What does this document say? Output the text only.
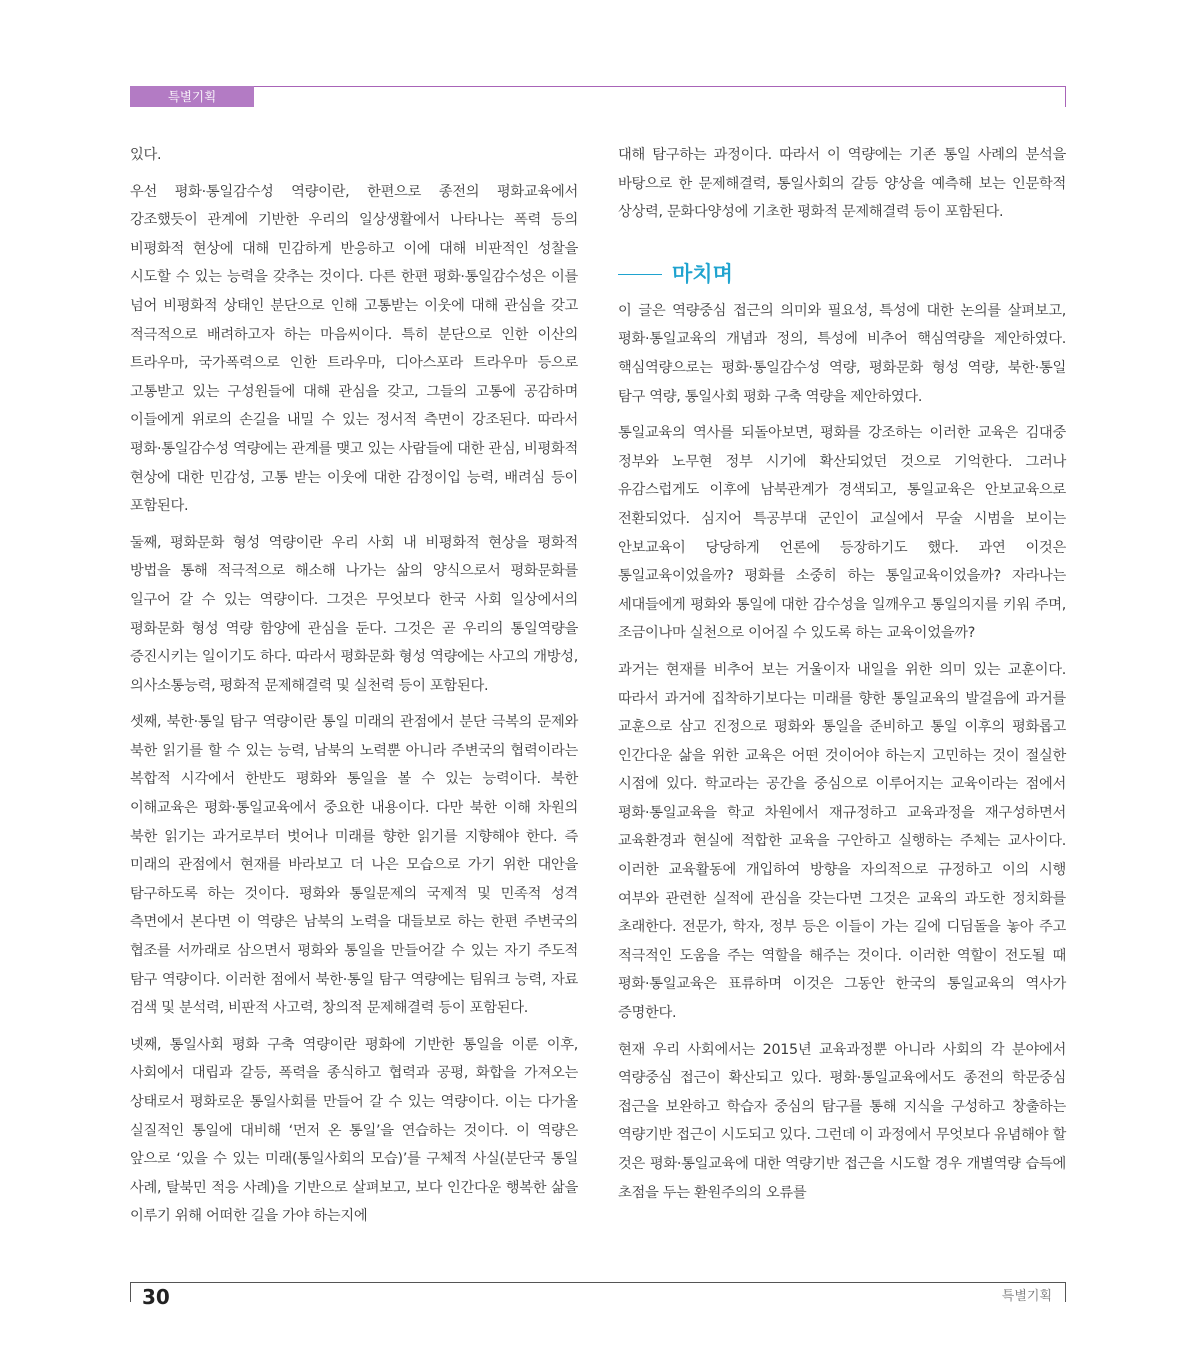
특별기획

있다.

우선 평화·통일감수성 역량이란, 한편으로 종전의 평화교육에서 강조했듯이 관계에 기반한 우리의 일상생활에서 나타나는 폭력 등의 비평화적 현상에 대해 민감하게 반응하고 이에 대해 비판적인 성찰을 시도할 수 있는 능력을 갖추는 것이다. 다른 한편 평화·통일감수성은 이를 넘어 비평화적 상태인 분단으로 인해 고통받는 이웃에 대해 관심을 갖고 적극적으로 배려하고자 하는 마음씨이다. 특히 분단으로 인한 이산의 트라우마, 국가폭력으로 인한 트라우마, 디아스포라 트라우마 등으로 고통받고 있는 구성원들에 대해 관심을 갖고, 그들의 고통에 공감하며 이들에게 위로의 손길을 내밀 수 있는 정서적 측면이 강조된다. 따라서 평화·통일감수성 역량에는 관계를 맺고 있는 사람들에 대한 관심, 비평화적 현상에 대한 민감성, 고통 받는 이웃에 대한 감정이입 능력, 배려심 등이 포함된다.

둘째, 평화문화 형성 역량이란 우리 사회 내 비평화적 현상을 평화적 방법을 통해 적극적으로 해소해 나가는 삶의 양식으로서 평화문화를 일구어 갈 수 있는 역량이다. 그것은 무엇보다 한국 사회 일상에서의 평화문화 형성 역량 함양에 관심을 둔다. 그것은 곧 우리의 통일역량을 증진시키는 일이기도 하다. 따라서 평화문화 형성 역량에는 사고의 개방성, 의사소통능력, 평화적 문제해결력 및 실천력 등이 포함된다.

셋째, 북한·통일 탐구 역량이란 통일 미래의 관점에서 분단 극복의 문제와 북한 읽기를 할 수 있는 능력, 남북의 노력뿐 아니라 주변국의 협력이라는 복합적 시각에서 한반도 평화와 통일을 볼 수 있는 능력이다. 북한 이해교육은 평화·통일교육에서 중요한 내용이다. 다만 북한 이해 차원의 북한 읽기는 과거로부터 벗어나 미래를 향한 읽기를 지향해야 한다. 즉 미래의 관점에서 현재를 바라보고 더 나은 모습으로 가기 위한 대안을 탐구하도록 하는 것이다. 평화와 통일문제의 국제적 및 민족적 성격 측면에서 본다면 이 역량은 남북의 노력을 대들보로 하는 한편 주변국의 협조를 서까래로 삼으면서 평화와 통일을 만들어갈 수 있는 자기 주도적 탐구 역량이다. 이러한 점에서 북한·통일 탐구 역량에는 팀워크 능력, 자료 검색 및 분석력, 비판적 사고력, 창의적 문제해결력 등이 포함된다.

넷째, 통일사회 평화 구축 역량이란 평화에 기반한 통일을 이룬 이후, 사회에서 대립과 갈등, 폭력을 종식하고 협력과 공평, 화합을 가져오는 상태로서 평화로운 통일사회를 만들어 갈 수 있는 역량이다. 이는 다가올 실질적인 통일에 대비해 ‘먼저 온 통일’을 연습하는 것이다. 이 역량은 앞으로 ‘있을 수 있는 미래(통일사회의 모습)’를 구체적 사실(분단국 통일 사례, 탈북민 적응 사례)을 기반으로 살펴보고, 보다 인간다운 행복한 삶을 이루기 위해 어떠한 길을 가야 하는지에

대해 탐구하는 과정이다. 따라서 이 역량에는 기존 통일 사례의 분석을 바탕으로 한 문제해결력, 통일사회의 갈등 양상을 예측해 보는 인문학적 상상력, 문화다양성에 기초한 평화적 문제해결력 등이 포함된다.

마치며

이 글은 역량중심 접근의 의미와 필요성, 특성에 대한 논의를 살펴보고, 평화·통일교육의 개념과 정의, 특성에 비추어 핵심역량을 제안하였다. 핵심역량으로는 평화·통일감수성 역량, 평화문화 형성 역량, 북한·통일 탐구 역량, 통일사회 평화 구축 역량을 제안하였다.

통일교육의 역사를 되돌아보면, 평화를 강조하는 이러한 교육은 김대중 정부와 노무현 정부 시기에 확산되었던 것으로 기억한다. 그러나 유감스럽게도 이후에 남북관계가 경색되고, 통일교육은 안보교육으로 전환되었다. 심지어 특공부대 군인이 교실에서 무술 시범을 보이는 안보교육이 당당하게 언론에 등장하기도 했다. 과연 이것은 통일교육이었을까? 평화를 소중히 하는 통일교육이었을까? 자라나는 세대들에게 평화와 통일에 대한 감수성을 일깨우고 통일의지를 키워 주며, 조금이나마 실천으로 이어질 수 있도록 하는 교육이었을까?

과거는 현재를 비추어 보는 거울이자 내일을 위한 의미 있는 교훈이다. 따라서 과거에 집착하기보다는 미래를 향한 통일교육의 발걸음에 과거를 교훈으로 삼고 진정으로 평화와 통일을 준비하고 통일 이후의 평화롭고 인간다운 삶을 위한 교육은 어떤 것이어야 하는지 고민하는 것이 절실한 시점에 있다. 학교라는 공간을 중심으로 이루어지는 교육이라는 점에서 평화·통일교육을 학교 차원에서 재규정하고 교육과정을 재구성하면서 교육환경과 현실에 적합한 교육을 구안하고 실행하는 주체는 교사이다. 이러한 교육활동에 개입하여 방향을 자의적으로 규정하고 이의 시행 여부와 관련한 실적에 관심을 갖는다면 그것은 교육의 과도한 정치화를 초래한다. 전문가, 학자, 정부 등은 이들이 가는 길에 디딤돌을 놓아 주고 적극적인 도움을 주는 역할을 해주는 것이다. 이러한 역할이 전도될 때 평화·통일교육은 표류하며 이것은 그동안 한국의 통일교육의 역사가 증명한다.

현재 우리 사회에서는 2015년 교육과정뿐 아니라 사회의 각 분야에서 역량중심 접근이 확산되고 있다. 평화·통일교육에서도 종전의 학문중심 접근을 보완하고 학습자 중심의 탐구를 통해 지식을 구성하고 창출하는 역량기반 접근이 시도되고 있다. 그런데 이 과정에서 무엇보다 유념해야 할 것은 평화·통일교육에 대한 역량기반 접근을 시도할 경우 개별역량 습득에 초점을 두는 환원주의의 오류를

30	특별기획
